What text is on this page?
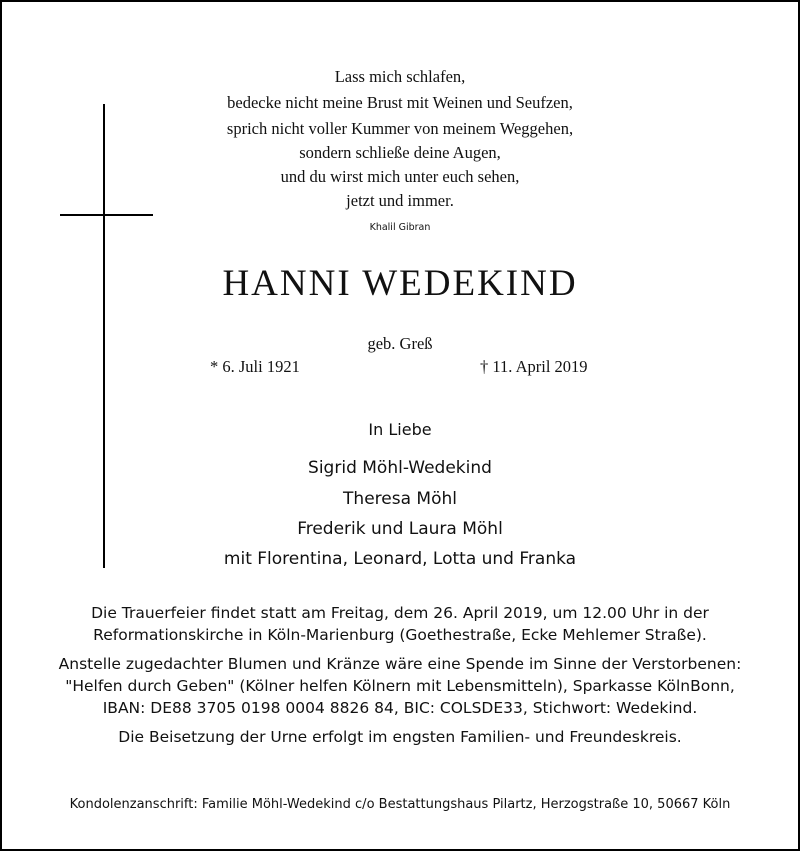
Lass mich schlafen,
bedecke nicht meine Brust mit Weinen und Seufzen,
sprich nicht voller Kummer von meinem Weggehen,
sondern schließe deine Augen,
und du wirst mich unter euch sehen,
jetzt und immer.
Khalil Gibran
HANNI WEDEKIND
geb. Greß
* 6. Juli 1921	† 11. April 2019
In Liebe
Sigrid Möhl-Wedekind
Theresa Möhl
Frederik und Laura Möhl
mit Florentina, Leonard, Lotta und Franka
Die Trauerfeier findet statt am Freitag, dem 26. April 2019, um 12.00 Uhr in der
Reformationskirche in Köln-Marienburg (Goethestraße, Ecke Mehlemer Straße).
Anstelle zugedachter Blumen und Kränze wäre eine Spende im Sinne der Verstorbenen:
"Helfen durch Geben" (Kölner helfen Kölnern mit Lebensmitteln), Sparkasse KölnBonn,
IBAN: DE88 3705 0198 0004 8826 84, BIC: COLSDE33, Stichwort: Wedekind.
Die Beisetzung der Urne erfolgt im engsten Familien- und Freundeskreis.
Kondolenzanschrift: Familie Möhl-Wedekind c/o Bestattungshaus Pilartz, Herzogstraße 10, 50667 Köln
